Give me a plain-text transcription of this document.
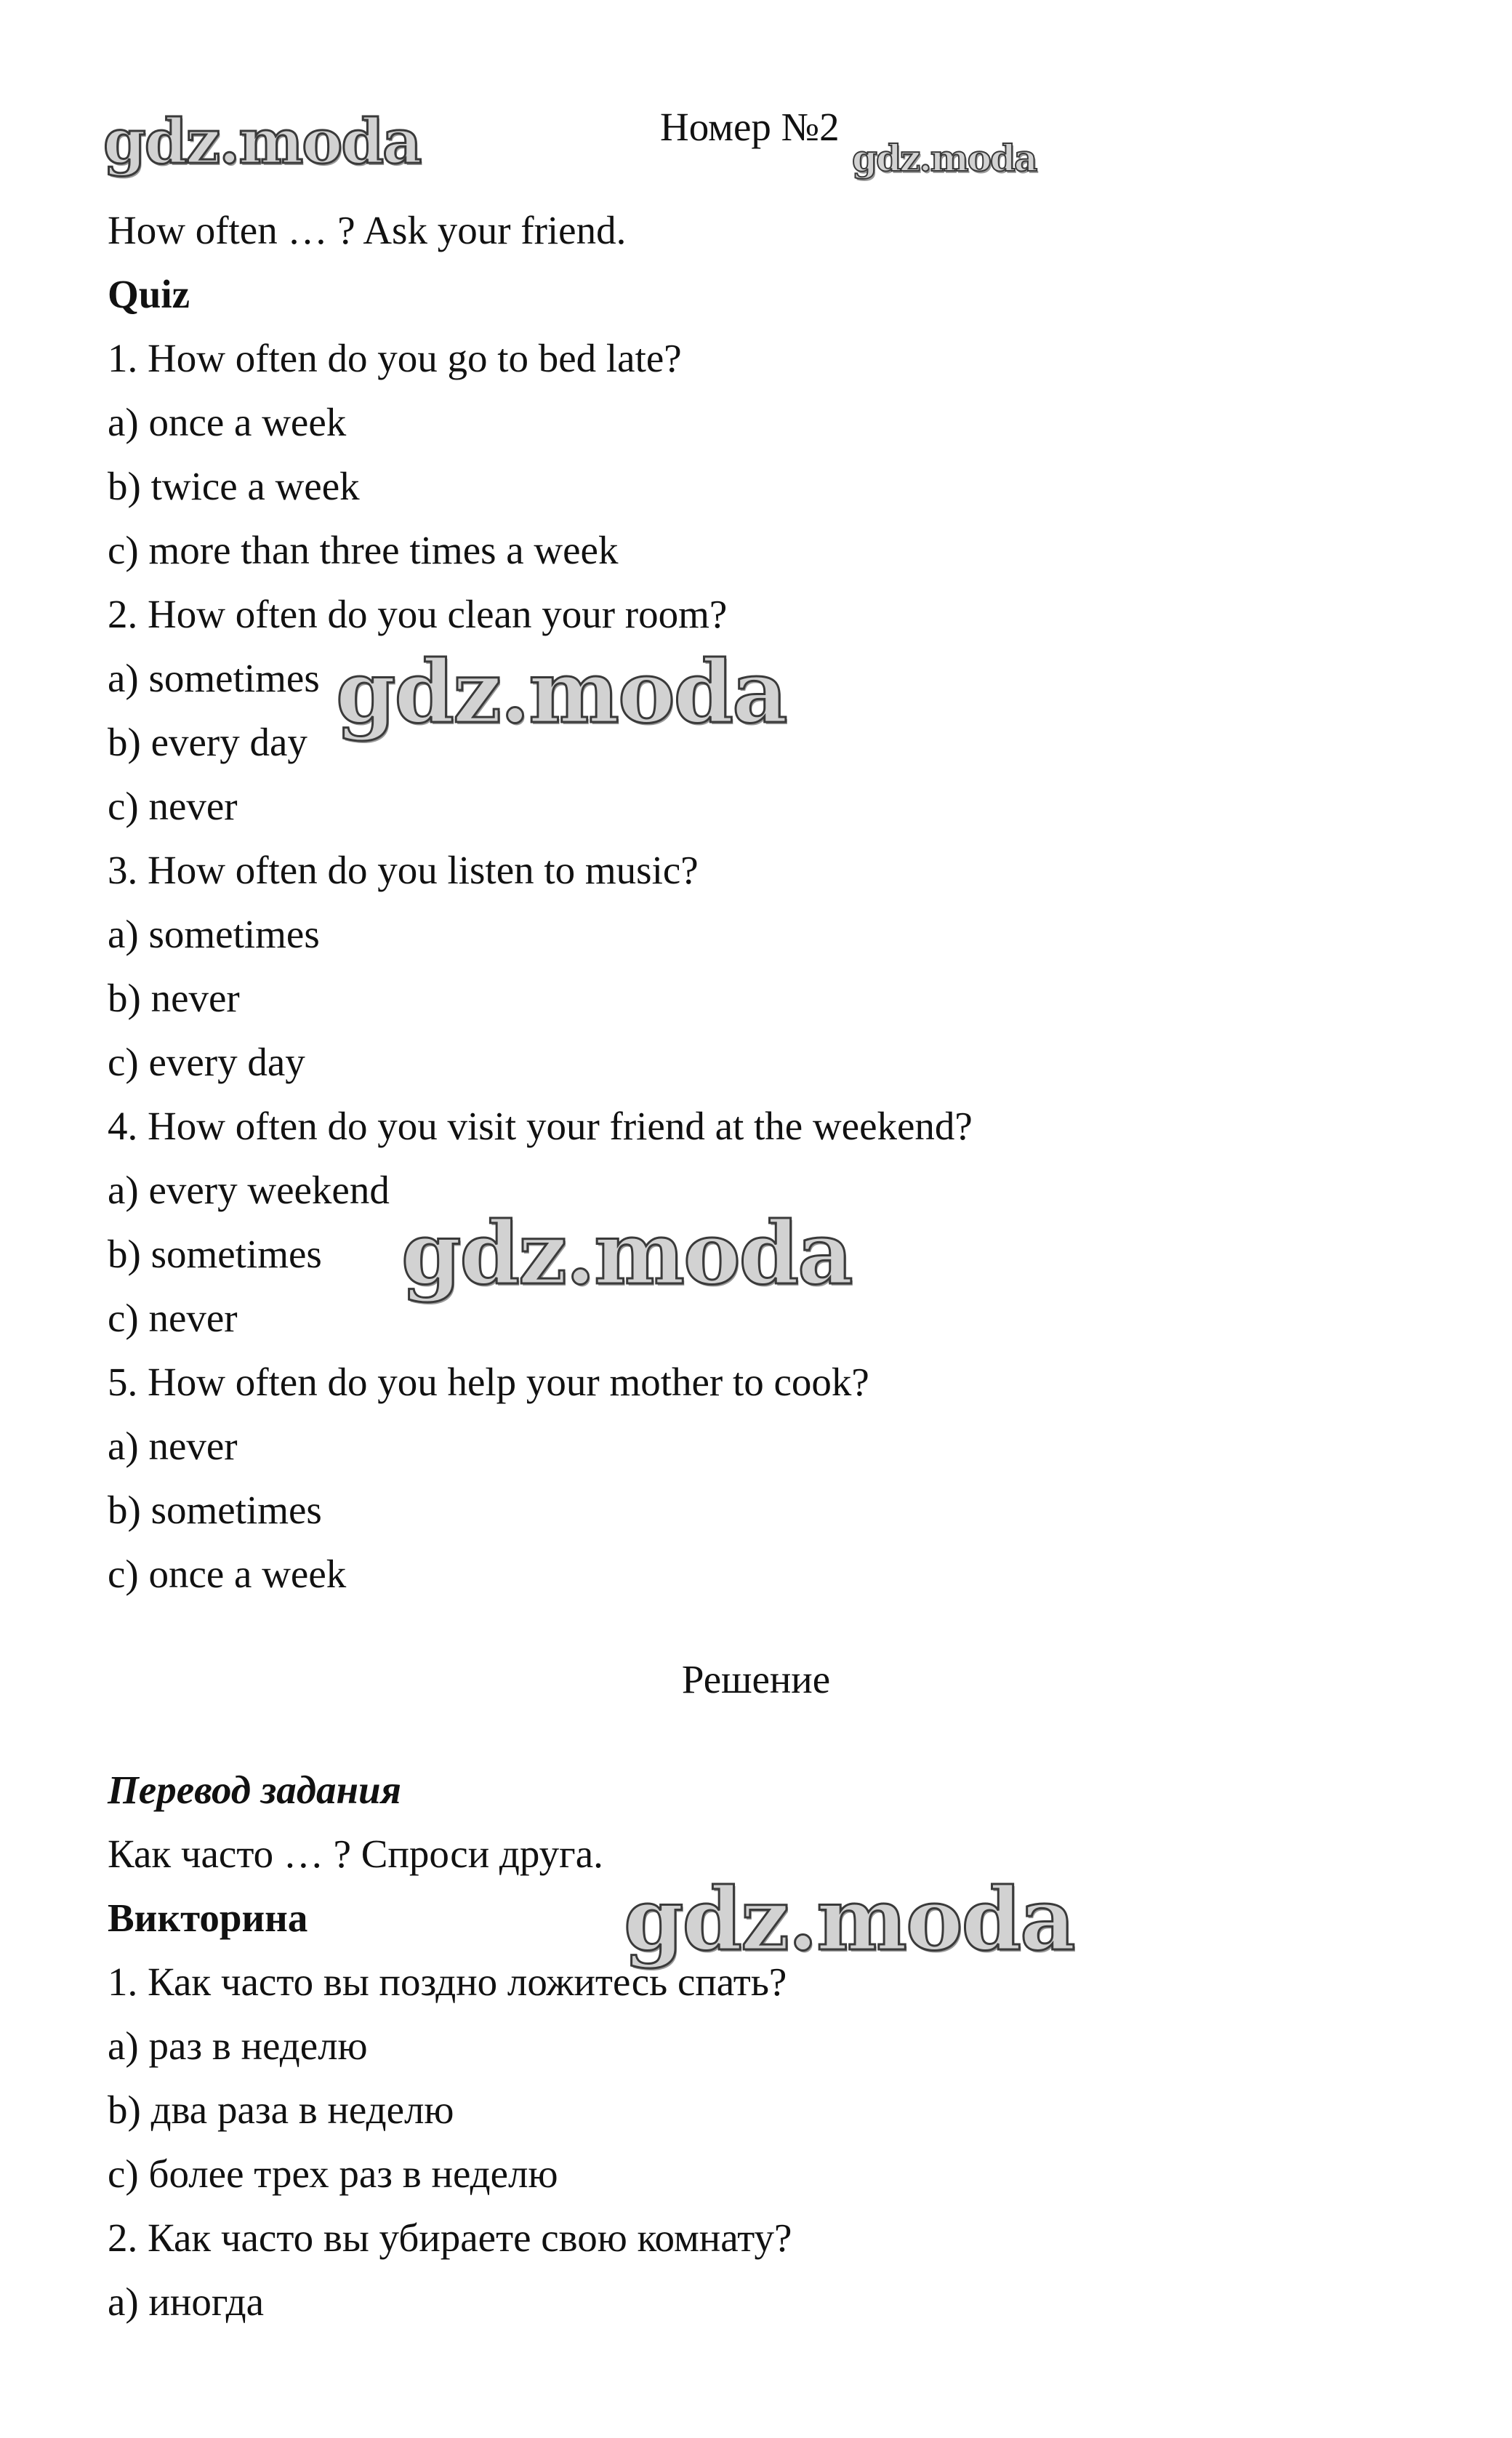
gdz.moda	gdz.moda
gdz.moda
gdz.moda
gdz.moda
Номер №2
How often … ? Ask your friend.
Quiz
1. How often do you go to bed late?
a) once a week
b) twice a week
c) more than three times a week
2. How often do you clean your room?
a) sometimes
b) every day
c) never
3. How often do you listen to music?
a) sometimes
b) never
c) every day
4. How often do you visit your friend at the weekend?
a) every weekend
b) sometimes
c) never
5. How often do you help your mother to cook?
a) never
b) sometimes
c) once a week
Решение
Перевод задания
Как часто … ? Спроси друга.
Викторина
1. Как часто вы поздно ложитесь спать?
a) раз в неделю
b) два раза в неделю
c) более трех раз в неделю
2. Как часто вы убираете свою комнату?
a) иногда
